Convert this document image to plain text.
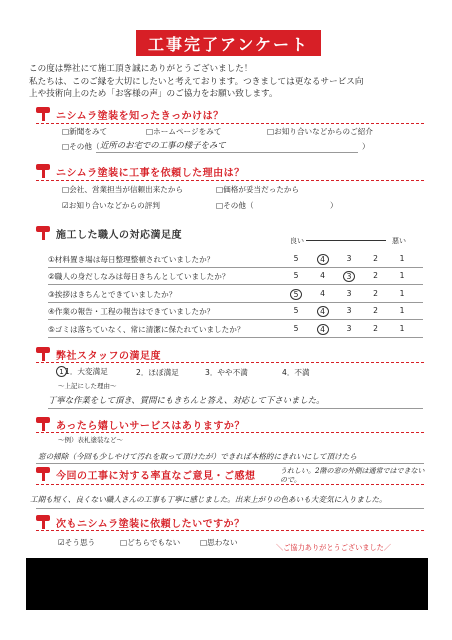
工事完了アンケート
この度は弊社にて施工頂き誠にありがとうございました！
私たちは、このご縁を大切にしたいと考えております。つきましては更なるサービス向
上や技術向上のため「お客様の声」のご協力をお願い致します。
ニシムラ塗装を知ったきっかけは？
□新聞をみて	□ホームページをみて	□お知り合いなどからのご紹介
□その他（ 近所のお宅での工事の様子をみて	）
ニシムラ塗装に工事を依頼した理由は？
□会社、営業担当が信頼出来たから	□価格が妥当だったから
☑お知り合いなどからの評判	□その他（	）
施工した職人の対応満足度
良い	悪い
①材料置き場は毎日整理整頓されていましたか？	5	4	3	2	1
②職人の身だしなみは毎日きちんとしていましたか？	5	4	3	2	1
③挨拶はきちんとできていましたか？	5	4	3	2	1
④作業の報告・工程の報告はできていましたか？	5	4	3	2	1
⑤ゴミは落ちていなく、常に清潔に保たれていましたか？	5	4	3	2	1
弊社スタッフの満足度
11．大変満足	2．ほぼ満足	3．やや不満	4．不満
～上記にした理由～
丁寧な作業をして頂き、質問にもきちんと答え、対応して下さいました。
あったら嬉しいサービスはありますか？
～例）表札塗装など～
窓の掃除（今回も少しやけて汚れを取って頂けたが）できれば本格的にきれいにして頂けたら
今回の工事に対する率直なご意見・ご感想	うれしい。2階の窓の外側は通常ではできないので。
工期も短く、良くない職人さんの工事も丁寧に感じました。出来上がりの色あいも大変気に入りました。
次もニシムラ塗装に依頼したいですか？
☑そう思う	□どちらでもない	□思わない
＼ご協力ありがとうございました／
